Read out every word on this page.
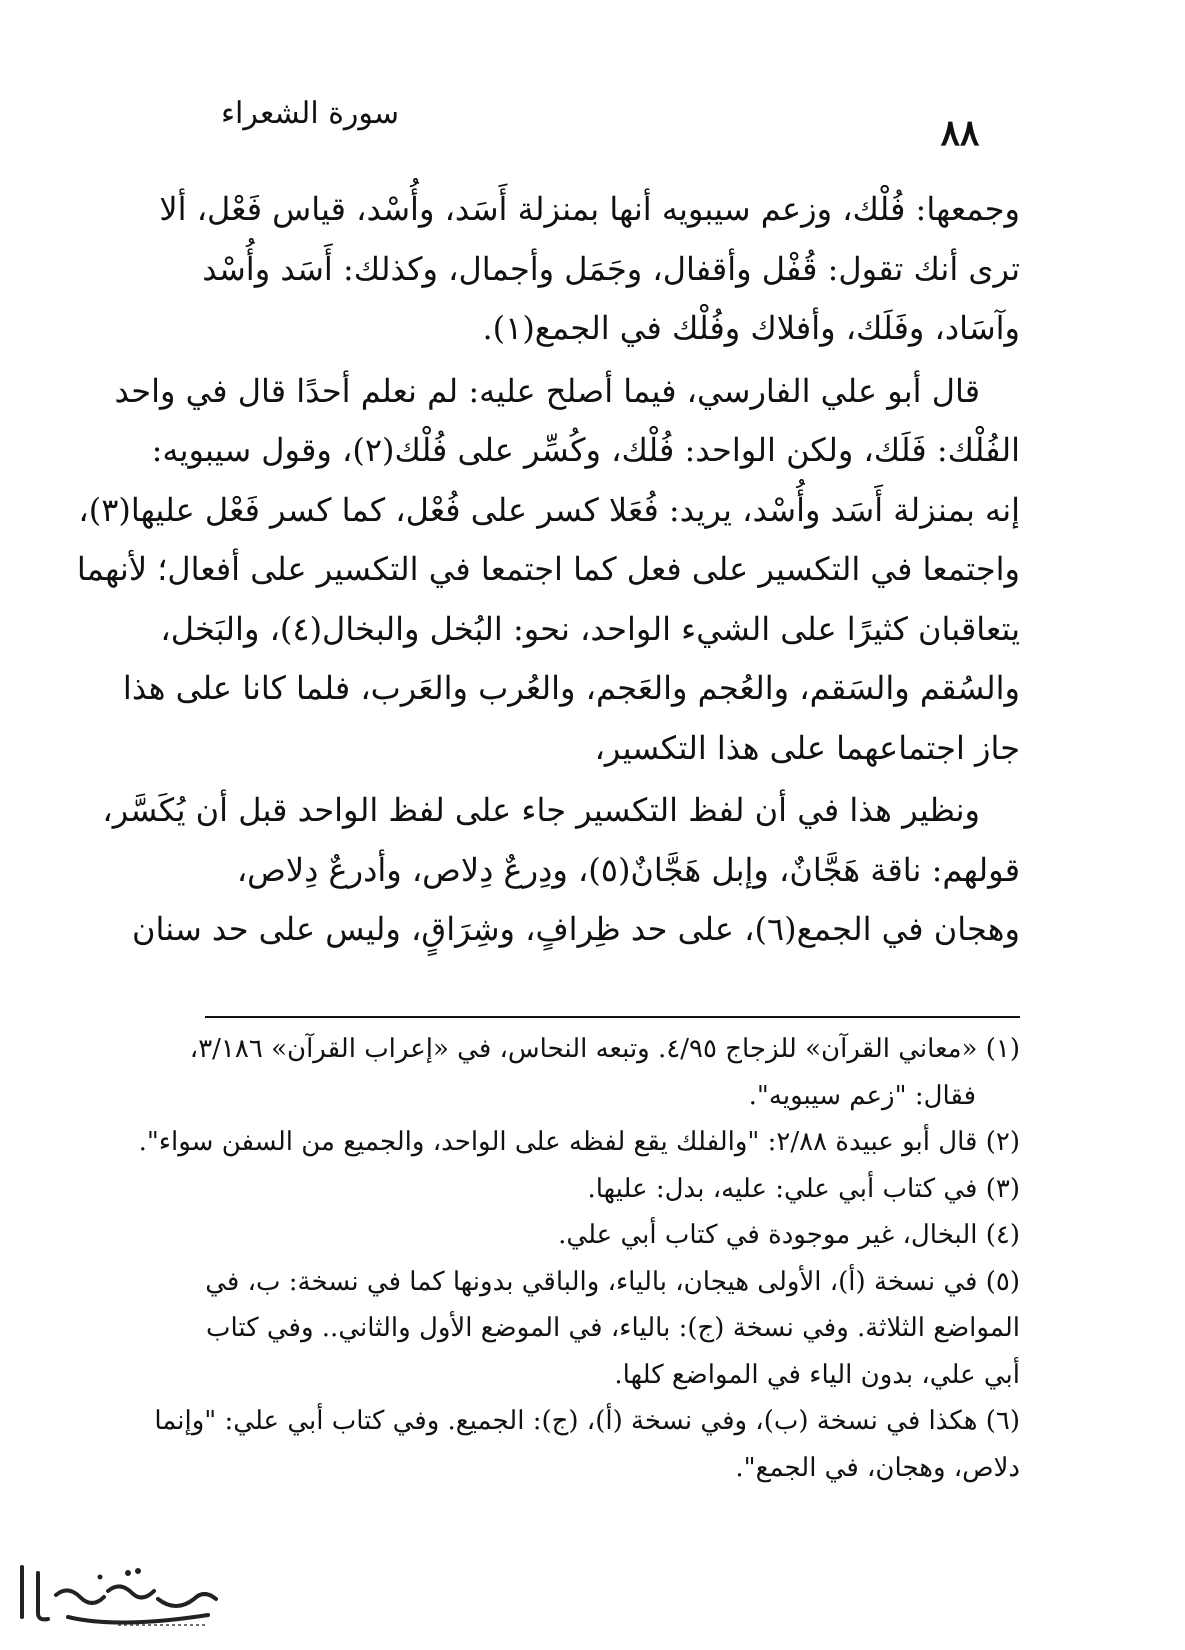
سورة الشعراء	٨٨
وجمعها: فُلْك، وزعم سيبويه أنها بمنزلة أَسَد، وأُسْد، قياس فَعْل، ألا
ترى أنك تقول: قُفْل وأقفال، وجَمَل وأجمال، وكذلك: أَسَد وأُسْد
وآسَاد، وفَلَك، وأفلاك وفُلْك في الجمع(١).
قال أبو علي الفارسي، فيما أصلح عليه: لم نعلم أحدًا قال في واحد
الفُلْك: فَلَك، ولكن الواحد: فُلْك، وكُسِّر على فُلْك(٢)، وقول سيبويه:
إنه بمنزلة أَسَد وأُسْد، يريد: فُعَلا كسر على فُعْل، كما كسر فَعْل عليها(٣)،
واجتمعا في التكسير على فعل كما اجتمعا في التكسير على أفعال؛ لأنهما
يتعاقبان كثيرًا على الشيء الواحد، نحو: البُخل والبخال(٤)، والبَخل،
والسُقم والسَقم، والعُجم والعَجم، والعُرب والعَرب، فلما كانا على هذا
جاز اجتماعهما على هذا التكسير،
ونظير هذا في أن لفظ التكسير جاء على لفظ الواحد قبل أن يُكَسَّر،
قولهم: ناقة هَجَّانٌ، وإبل هَجَّانٌ(٥)، ودِرعٌ دِلاص، وأدرعٌ دِلاص،
وهجان في الجمع(٦)، على حد ظِرافٍ، وشِرَاقٍ، وليس على حد سنان
(١) «معاني القرآن» للزجاج ٤/٩٥. وتبعه النحاس، في «إعراب القرآن» ٣/١٨٦،
فقال: "زعم سيبويه".
(٢) قال أبو عبيدة ٢/٨٨: "والفلك يقع لفظه على الواحد، والجميع من السفن سواء".
(٣) في كتاب أبي علي: عليه، بدل: عليها.
(٤) البخال، غير موجودة في كتاب أبي علي.
(٥) في نسخة (أ)، الأولى هيجان، بالياء، والباقي بدونها كما في نسخة: ب، في
المواضع الثلاثة. وفي نسخة (ج): بالياء، في الموضع الأول والثاني.. وفي كتاب
أبي علي، بدون الياء في المواضع كلها.
(٦) هكذا في نسخة (ب)، وفي نسخة (أ)، (ج): الجميع. وفي كتاب أبي علي: "وإنما
دلاص، وهجان، في الجمع".
